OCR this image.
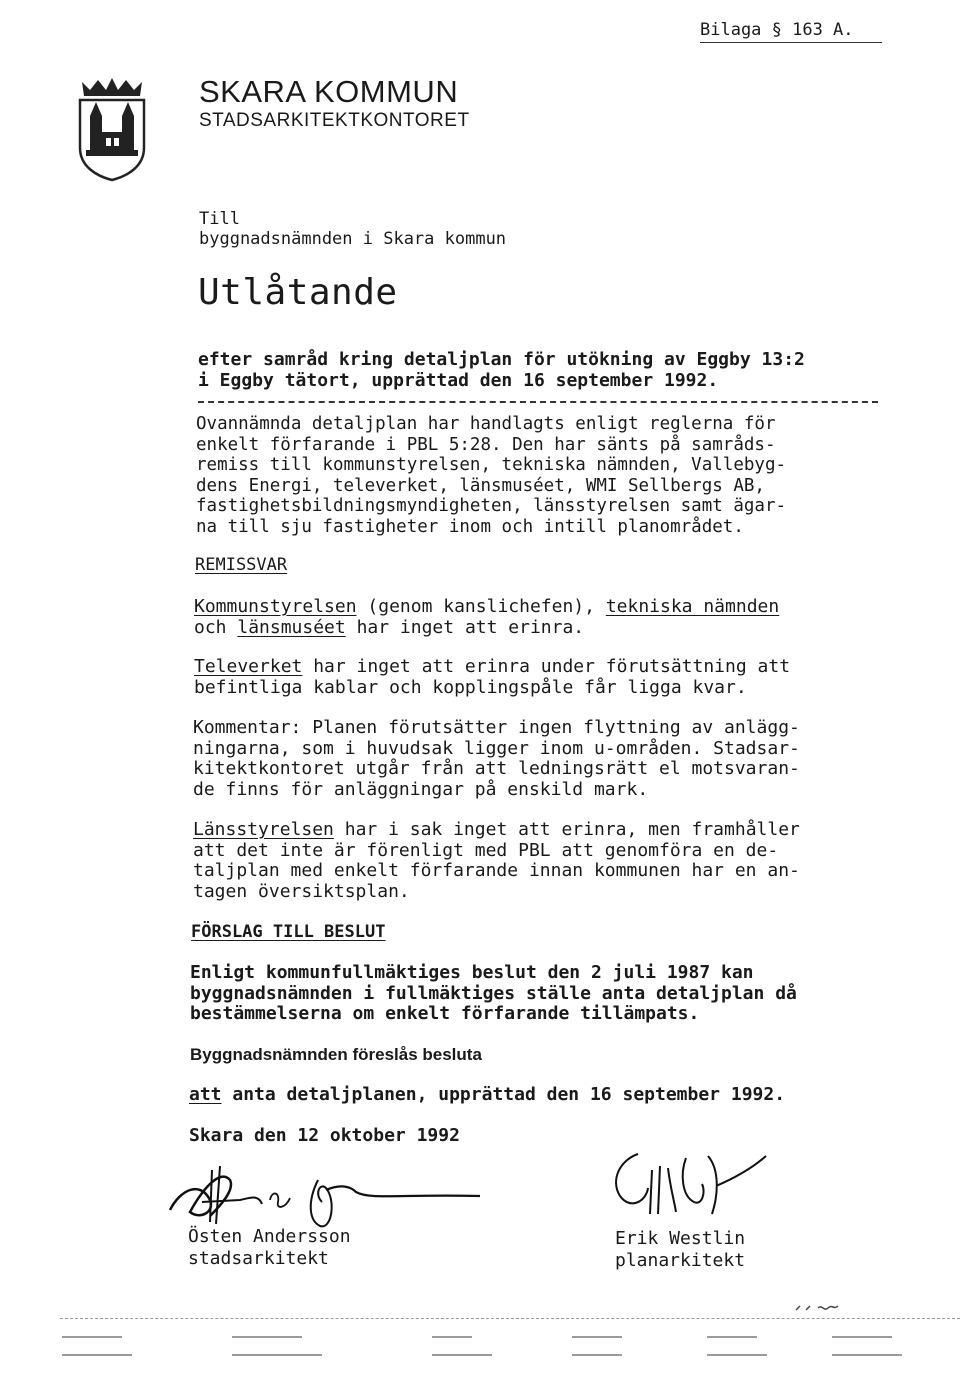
Bilaga § 163 A.
SKARA KOMMUN
STADSARKITEKTKONTORET
Till
byggnadsnämnden i Skara kommun
Utlåtande
efter samråd kring detaljplan för utökning av Eggby 13:2
i Eggby tätort, upprättad den 16 september 1992.
Ovannämnda detaljplan har handlagts enligt reglerna för
enkelt förfarande i PBL 5:28. Den har sänts på samråds-
remiss till kommunstyrelsen, tekniska nämnden, Vallebyg-
dens Energi, televerket, länsmuséet, WMI Sellbergs AB,
fastighetsbildningsmyndigheten, länsstyrelsen samt ägar-
na till sju fastigheter inom och intill planområdet.
REMISSVAR
Kommunstyrelsen (genom kanslichefen), tekniska nämnden
och länsmuséet har inget att erinra.
Televerket har inget att erinra under förutsättning att
befintliga kablar och kopplingspåle får ligga kvar.
Kommentar: Planen förutsätter ingen flyttning av anlägg-
ningarna, som i huvudsak ligger inom u-områden. Stadsar-
kitektkontoret utgår från att ledningsrätt el motsvaran-
de finns för anläggningar på enskild mark.
Länsstyrelsen har i sak inget att erinra, men framhåller
att det inte är förenligt med PBL att genomföra en de-
taljplan med enkelt förfarande innan kommunen har en an-
tagen översiktsplan.
FÖRSLAG TILL BESLUT
Enligt kommunfullmäktiges beslut den 2 juli 1987 kan
byggnadsnämnden i fullmäktiges ställe anta detaljplan då
bestämmelserna om enkelt förfarande tillämpats.
Byggnadsnämnden föreslås besluta
att anta detaljplanen, upprättad den 16 september 1992.
Skara den 12 oktober 1992
Östen Andersson
stadsarkitekt
Erik Westlin
planarkitekt
